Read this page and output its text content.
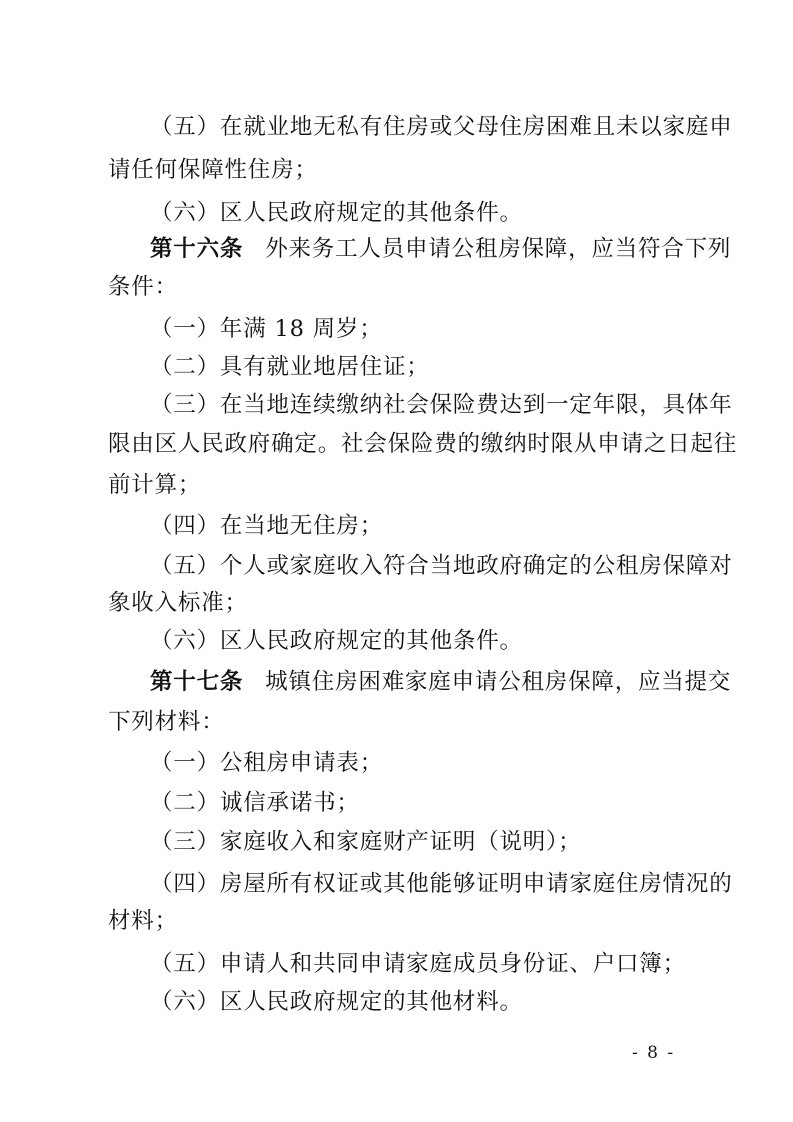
（五）在就业地无私有住房或父母住房困难且未以家庭申
请任何保障性住房；
（六）区人民政府规定的其他条件。
第十六条 外来务工人员申请公租房保障，应当符合下列
条件：
（一）年满 18 周岁；
（二）具有就业地居住证；
（三）在当地连续缴纳社会保险费达到一定年限，具体年
限由区人民政府确定。社会保险费的缴纳时限从申请之日起往
前计算；
（四）在当地无住房；
（五）个人或家庭收入符合当地政府确定的公租房保障对
象收入标准；
（六）区人民政府规定的其他条件。
第十七条 城镇住房困难家庭申请公租房保障，应当提交
下列材料：
（一）公租房申请表；
（二）诚信承诺书；
（三）家庭收入和家庭财产证明（说明）；
（四）房屋所有权证或其他能够证明申请家庭住房情况的
材料；
（五）申请人和共同申请家庭成员身份证、户口簿；
（六）区人民政府规定的其他材料。
- 8 -
